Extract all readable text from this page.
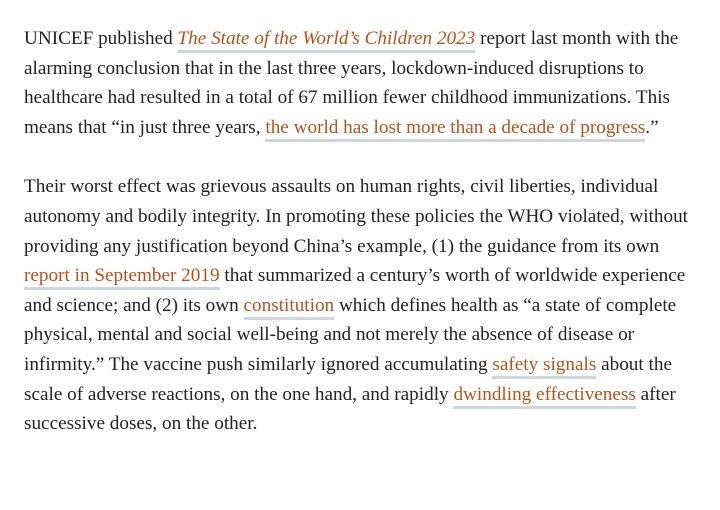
UNICEF published The State of the World’s Children 2023 report last month with the alarming conclusion that in the last three years, lockdown-induced disruptions to healthcare had resulted in a total of 67 million fewer childhood immunizations. This means that “in just three years, the world has lost more than a decade of progress.”

Their worst effect was grievous assaults on human rights, civil liberties, individual autonomy and bodily integrity. In promoting these policies the WHO violated, without providing any justification beyond China’s example, (1) the guidance from its own report in September 2019 that summarized a century’s worth of worldwide experience and science; and (2) its own constitution which defines health as “a state of complete physical, mental and social well-being and not merely the absence of disease or infirmity.” The vaccine push similarly ignored accumulating safety signals about the scale of adverse reactions, on the one hand, and rapidly dwindling effectiveness after successive doses, on the other.
